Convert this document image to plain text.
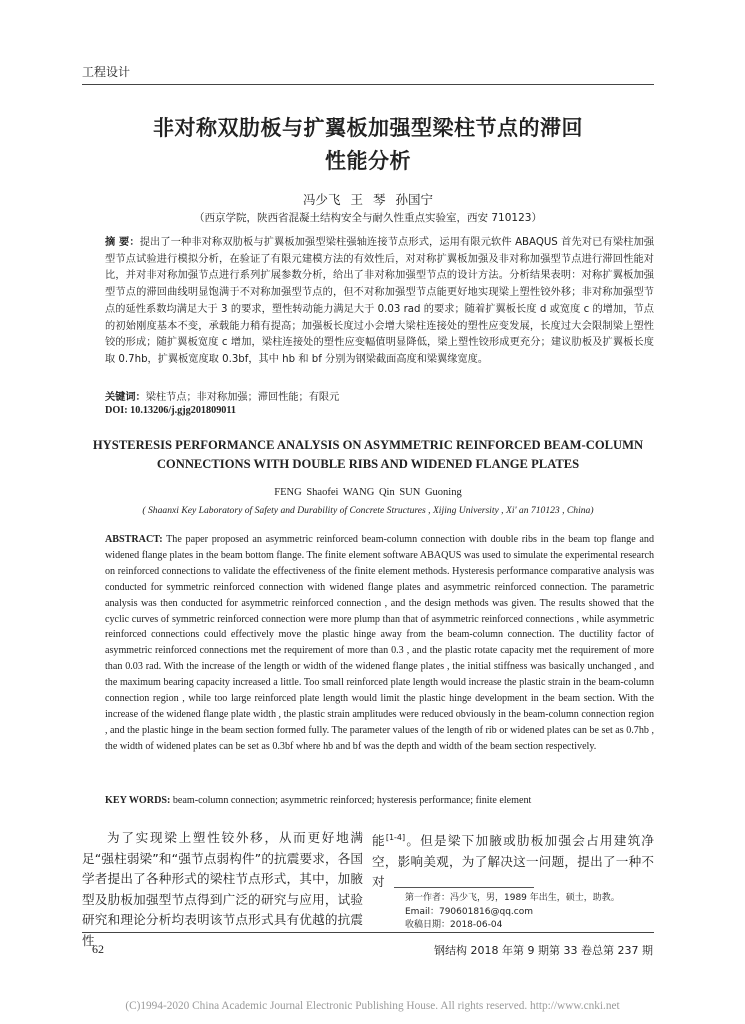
工程设计
非对称双肋板与扩翼板加强型梁柱节点的滞回
性能分析
冯少飞 王 琴 孙国宁
（西京学院，陕西省混凝土结构安全与耐久性重点实验室，西安 710123）
摘 要：提出了一种非对称双肋板与扩翼板加强型梁柱强轴连接节点形式，运用有限元软件 ABAQUS 首先对已有梁柱加强型节点试验进行模拟分析，在验证了有限元建模方法的有效性后，对对称扩翼板加强及非对称加强型节点进行滞回性能对比，并对非对称加强节点进行系列扩展参数分析，给出了非对称加强型节点的设计方法。分析结果表明：对称扩翼板加强型节点的滞回曲线明显饱满于不对称加强型节点的，但不对称加强型节点能更好地实现梁上塑性铰外移；非对称加强型节点的延性系数均满足大于 3 的要求，塑性转动能力满足大于 0.03 rad 的要求；随着扩翼板长度 d 或宽度 c 的增加，节点的初始刚度基本不变，承载能力稍有提高；加强板长度过小会增大梁柱连接处的塑性应变发展，长度过大会限制梁上塑性铰的形成；随扩翼板宽度 c 增加，梁柱连接处的塑性应变幅值明显降低，梁上塑性铰形成更充分；建议肋板及扩翼板长度取 0.7hb，扩翼板宽度取 0.3bf，其中 hb 和 bf 分别为钢梁截面高度和梁翼缘宽度。
关键词：梁柱节点；非对称加强；滞回性能；有限元
DOI: 10.13206/j.gjg201809011
HYSTERESIS PERFORMANCE ANALYSIS ON ASYMMETRIC REINFORCED BEAM-COLUMN
CONNECTIONS WITH DOUBLE RIBS AND WIDENED FLANGE PLATES
FENG Shaofei WANG Qin SUN Guoning
( Shaanxi Key Laboratory of Safety and Durability of Concrete Structures , Xijing University , Xi' an 710123 , China)
ABSTRACT: The paper proposed an asymmetric reinforced beam-column connection with double ribs in the beam top flange and widened flange plates in the beam bottom flange. The finite element software ABAQUS was used to simulate the experimental research on reinforced connections to validate the effectiveness of the finite element methods. Hysteresis performance comparative analysis was conducted for symmetric reinforced connection with widened flange plates and asymmetric reinforced connection. The parametric analysis was then conducted for asymmetric reinforced connection , and the design methods was given. The results showed that the cyclic curves of symmetric reinforced connection were more plump than that of asymmetric reinforced connections , while asymmetric reinforced connections could effectively move the plastic hinge away from the beam-column connection. The ductility factor of asymmetric reinforced connections met the requirement of more than 0.3 , and the plastic rotate capacity met the requirement of more than 0.03 rad. With the increase of the length or width of the widened flange plates , the initial stiffness was basically unchanged , and the maximum bearing capacity increased a little. Too small reinforced plate length would increase the plastic strain in the beam-column connection region , while too large reinforced plate length would limit the plastic hinge development in the beam section. With the increase of the widened flange plate width , the plastic strain amplitudes were reduced obviously in the beam-column connection region , and the plastic hinge in the beam section formed fully. The parameter values of the length of rib or widened plates can be set as 0.7hb , the width of widened plates can be set as 0.3bf where hb and bf was the depth and width of the beam section respectively.
KEY WORDS: beam-column connection; asymmetric reinforced; hysteresis performance; finite element
为了实现梁上塑性铰外移，从而更好地满足“强柱弱梁”和“强节点弱构件”的抗震要求，各国学者提出了各种形式的梁柱节点形式，其中，加腋型及肋板加强型节点得到广泛的研究与应用，试验研究和理论分析均表明该节点形式具有优越的抗震性
能[1-4]。但是梁下加腋或肋板加强会占用建筑净空，影响美观，为了解决这一问题，提出了一种不对
第一作者：冯少飞，男，1989 年出生，硕士，助教。
Email：790601816@qq.com
收稿日期：2018-06-04
62	钢结构 2018 年第 9 期第 33 卷总第 237 期
(C)1994-2020 China Academic Journal Electronic Publishing House. All rights reserved. http://www.cnki.net
